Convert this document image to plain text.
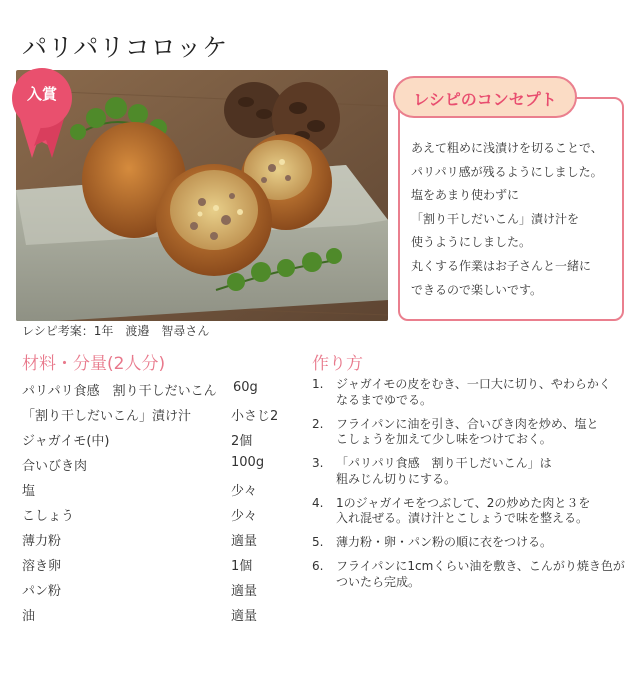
パリパリコロッケ
入賞
レシピ考案：1年　渡邉　智尋さん
レシピのコンセプト
あえて粗めに浅漬けを切ることで、
パリパリ感が残るようにしました。
塩をあまり使わずに
「割り干しだいこん」漬け汁を
使うようにしました。
丸くする作業はお子さんと一緒に
できるので楽しいです。
材料・分量(2人分)	作り方
パリパリ食感　割り干しだいこん 60g
「割り干しだいこん」漬け汁	小さじ2
ジャガイモ(中)	2個
合いびき肉	100g
塩	少々
こしょう	少々
薄力粉	適量
溶き卵	1個
パン粉	適量
油	適量
1.	ジャガイモの皮をむき、一口大に切り、やわらかく
なるまでゆでる。
2.	フライパンに油を引き、合いびき肉を炒め、塩と
こしょうを加えて少し味をつけておく。
3.	「パリパリ食感　割り干しだいこん」は
粗みじん切りにする。
4.	1のジャガイモをつぶして、2の炒めた肉と３を
入れ混ぜる。漬け汁とこしょうで味を整える。
5.	薄力粉・卵・パン粉の順に衣をつける。
6.	フライパンに1cmくらい油を敷き、こんがり焼き色が
ついたら完成。
